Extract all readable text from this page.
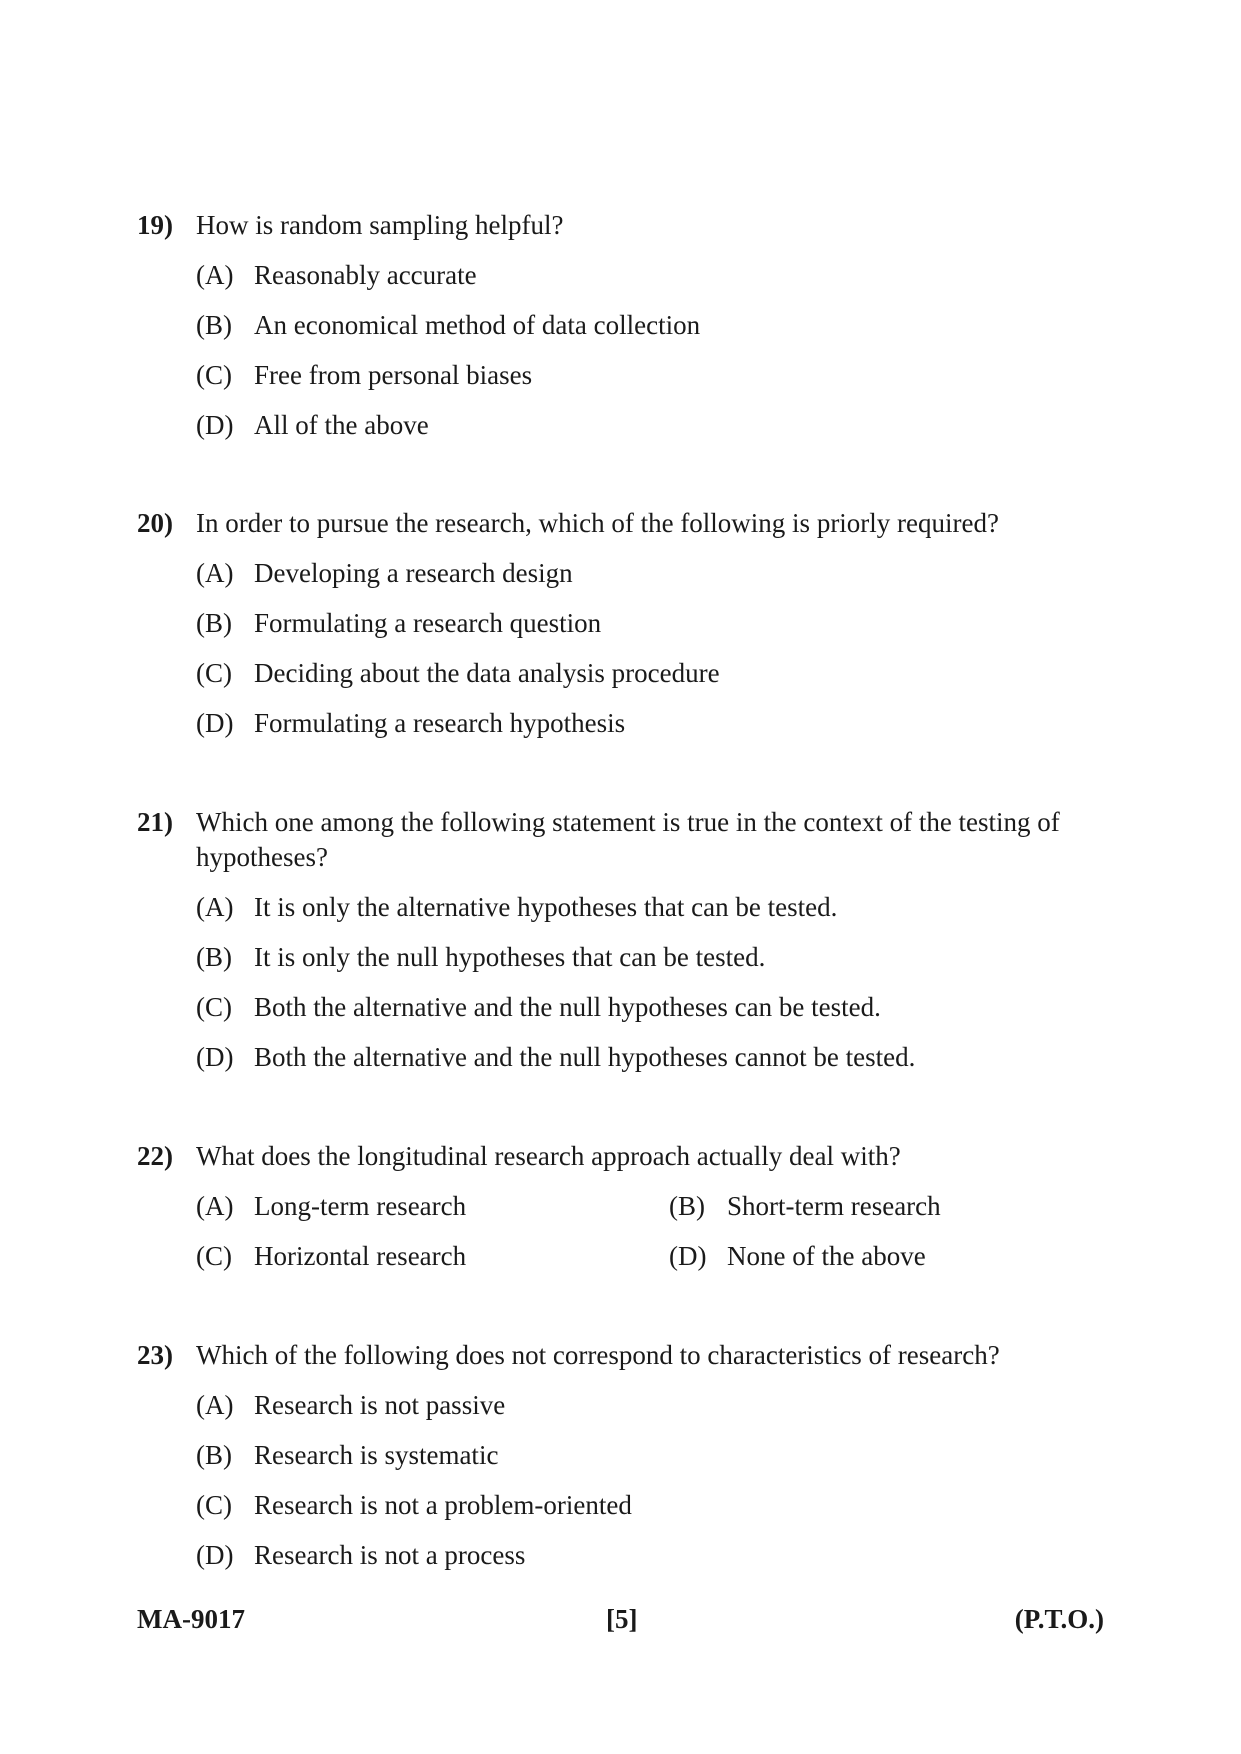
19) How is random sampling helpful?
(A) Reasonably accurate
(B) An economical method of data collection
(C) Free from personal biases
(D) All of the above
20) In order to pursue the research, which of the following is priorly required?
(A) Developing a research design
(B) Formulating a research question
(C) Deciding about the data analysis procedure
(D) Formulating a research hypothesis
21) Which one among the following statement is true in the context of the testing of hypotheses?
(A) It is only the alternative hypotheses that can be tested.
(B) It is only the null hypotheses that can be tested.
(C) Both the alternative and the null hypotheses can be tested.
(D) Both the alternative and the null hypotheses cannot be tested.
22) What does the longitudinal research approach actually deal with?
(A) Long-term research	(B) Short-term research
(C) Horizontal research	(D) None of the above
23) Which of the following does not correspond to characteristics of research?
(A) Research is not passive
(B) Research is systematic
(C) Research is not a problem-oriented
(D) Research is not a process
MA-9017	[5]	(P.T.O.)
